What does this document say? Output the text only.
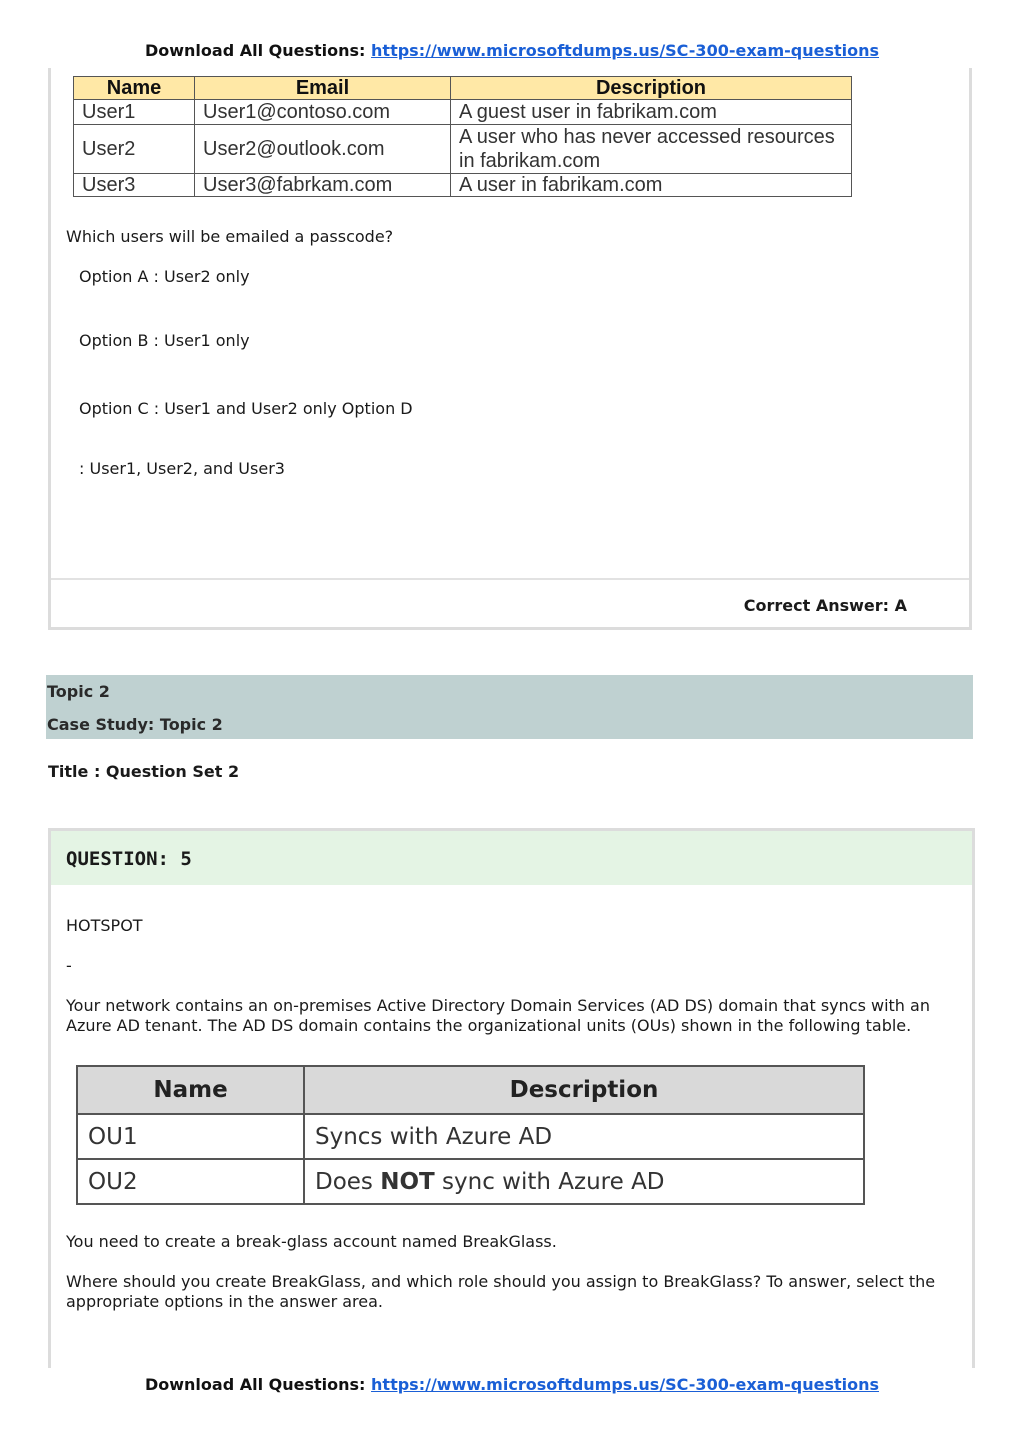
Download All Questions: https://www.microsoftdumps.us/SC-300-exam-questions
Correct Answer: A
Name	Email	Description
User1	User1@contoso.com	A guest user in fabrikam.com
User2	User2@outlook.com	A user who has never accessed resources in fabrikam.com
User3	User3@fabrkam.com	A user in fabrikam.com
Which users will be emailed a passcode?
Option A : User2 only
Option B : User1 only
Option C : User1 and User2 only Option D
: User1, User2, and User3
Topic 2
Case Study: Topic 2
Title : Question Set 2
QUESTION: 5
HOTSPOT
-
Your network contains an on-premises Active Directory Domain Services (AD DS) domain that syncs with an Azure AD tenant. The AD DS domain contains the organizational units (OUs) shown in the following table.
Name	Description
OU1	Syncs with Azure AD
OU2	Does NOT sync with Azure AD
You need to create a break-glass account named BreakGlass.
Where should you create BreakGlass, and which role should you assign to BreakGlass? To answer, select the appropriate options in the answer area.
Download All Questions: https://www.microsoftdumps.us/SC-300-exam-questions
